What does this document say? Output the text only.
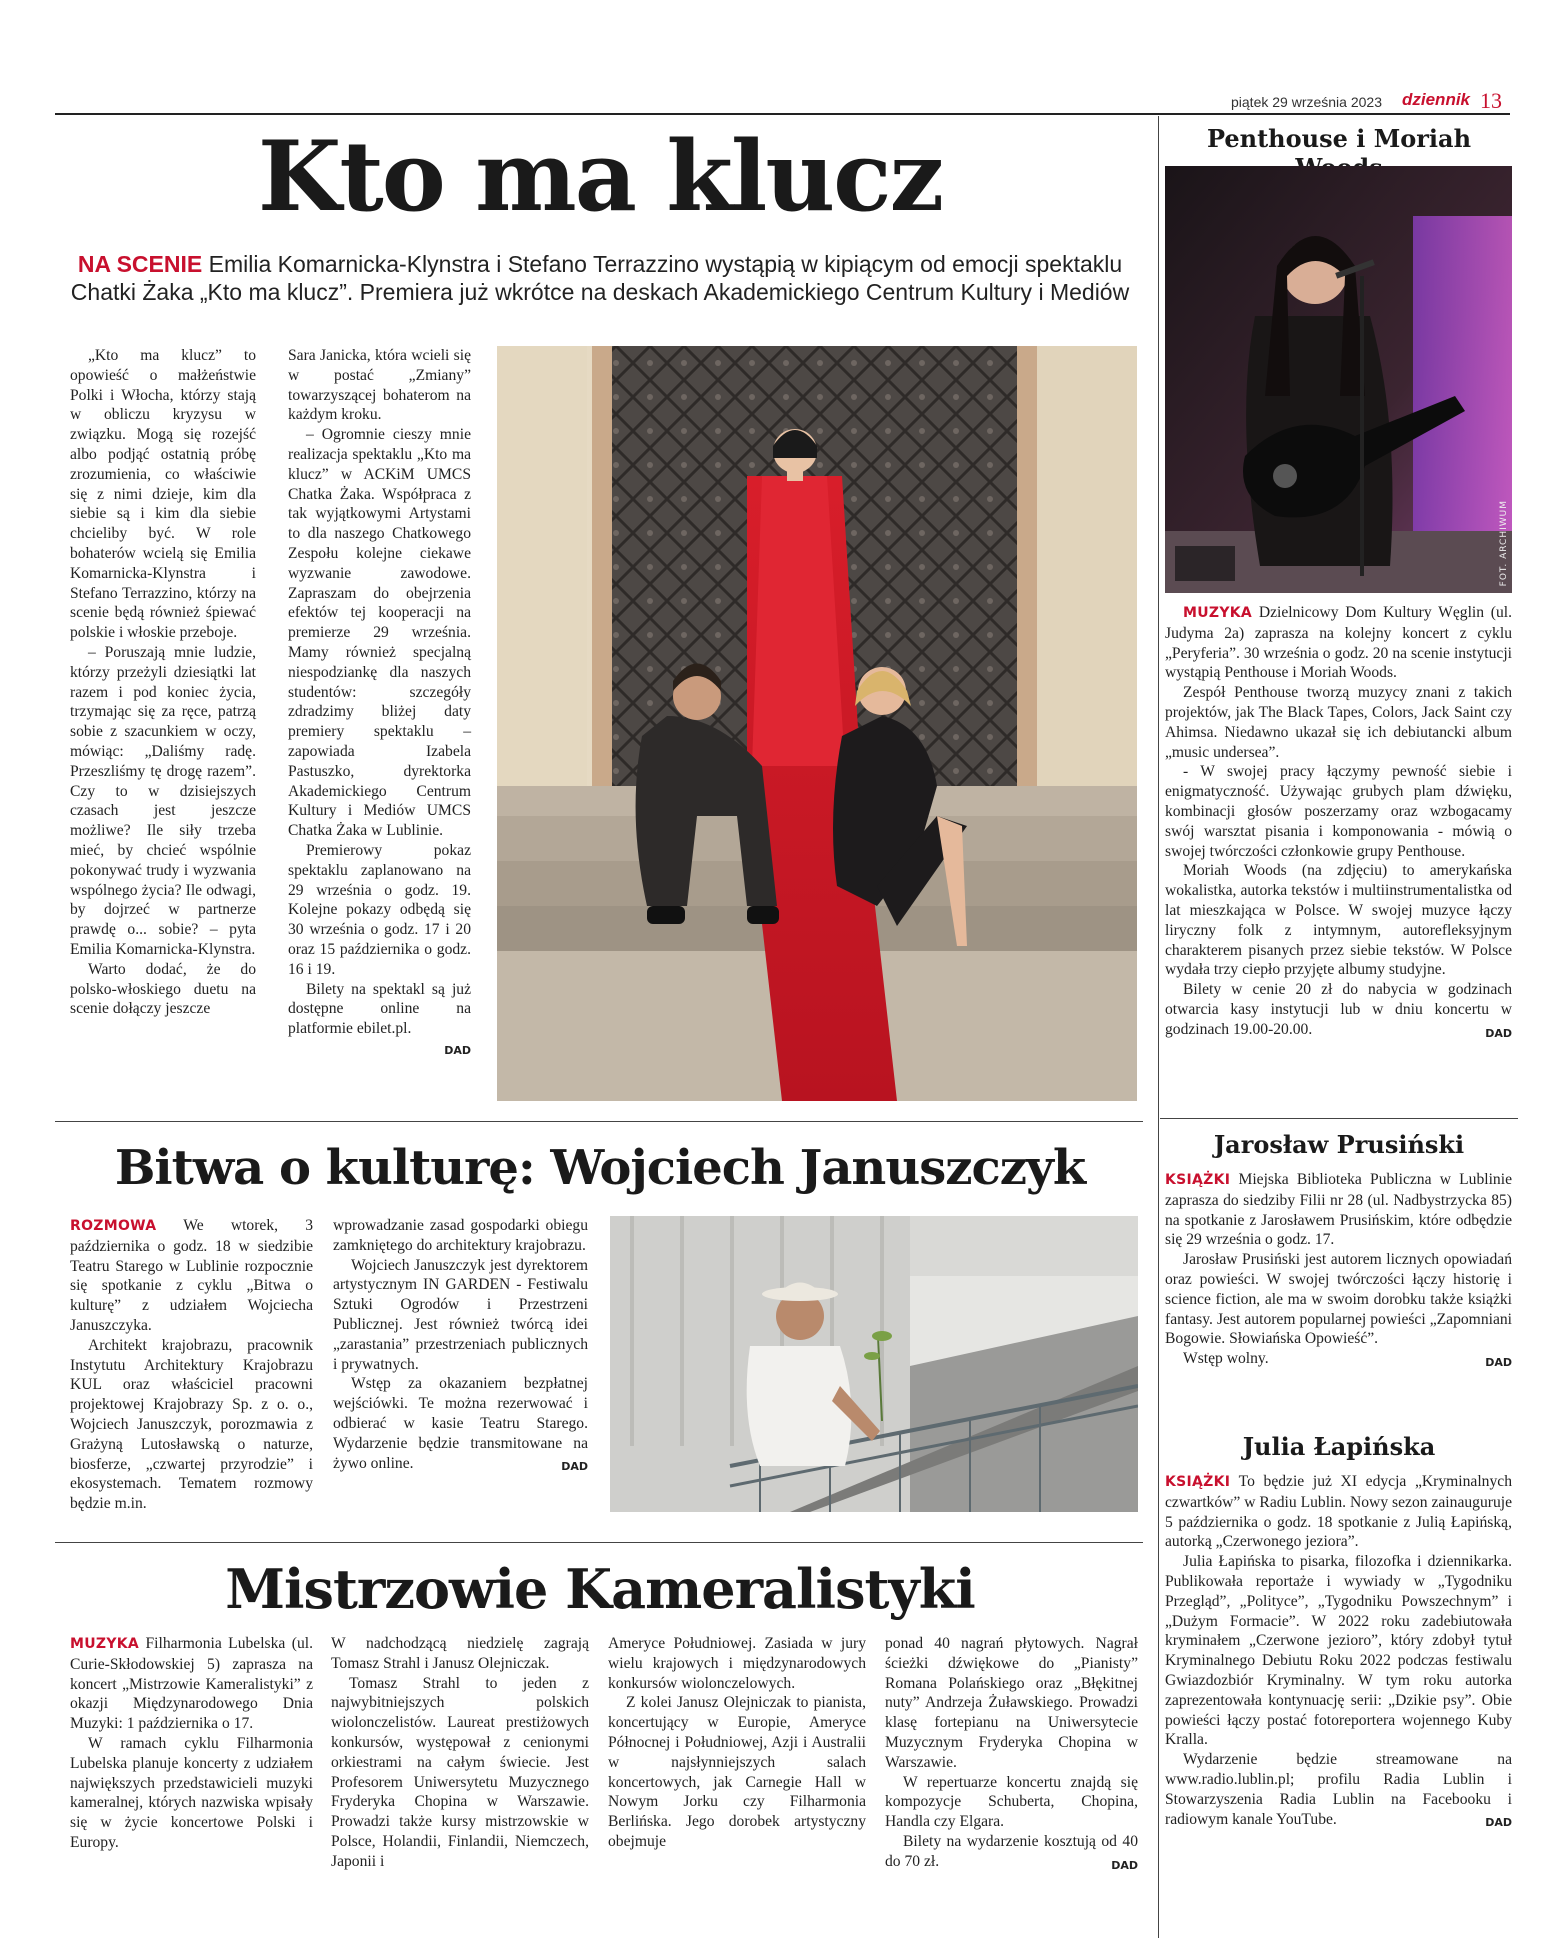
piątek 29 września 2023 dziennik 13
Kto ma klucz
NA SCENIE Emilia Komarnicka-Klynstra i Stefano Terrazzino wystąpią w kipiącym od emocji spektaklu Chatki Żaka „Kto ma klucz”. Premiera już wkrótce na deskach Akademickiego Centrum Kultury i Mediów

„Kto ma klucz” to opowieść o małżeństwie Polki i Włocha, którzy stają w obliczu kryzysu w związku. Mogą się rozejść albo podjąć ostatnią próbę zrozumienia, co właściwie się z nimi dzieje, kim dla siebie są i kim dla siebie chcieliby być. W role bohaterów wcielą się Emilia Komarnicka-Klynstra i Stefano Terrazzino, którzy na scenie będą również śpiewać polskie i włoskie przeboje.

– Poruszają mnie ludzie, którzy przeżyli dziesiątki lat razem i pod koniec życia, trzymając się za ręce, patrzą sobie z szacunkiem w oczy, mówiąc: „Daliśmy radę. Przeszliśmy tę drogę razem”. Czy to w dzisiejszych czasach jest jeszcze możliwe? Ile siły trzeba mieć, by chcieć wspólnie pokonywać trudy i wyzwania wspólnego życia? Ile odwagi, by dojrzeć w partnerze prawdę o... sobie? – pyta Emilia Komarnicka-Klynstra.

Warto dodać, że do polsko-włoskiego duetu na scenie dołączy jeszcze

Sara Janicka, która wcieli się w postać „Zmiany” towarzyszącej bohaterom na każdym kroku.

– Ogromnie cieszy mnie realizacja spektaklu „Kto ma klucz” w ACKiM UMCS Chatka Żaka. Współpraca z tak wyjątkowymi Artystami to dla naszego Chatkowego Zespołu kolejne ciekawe wyzwanie zawodowe. Zapraszam do obejrzenia efektów tej kooperacji na premierze 29 września. Mamy również specjalną niespodziankę dla naszych studentów: szczegóły zdradzimy bliżej daty premiery spektaklu – zapowiada Izabela Pastuszko, dyrektorka Akademickiego Centrum Kultury i Mediów UMCS Chatka Żaka w Lublinie.

Premierowy pokaz spektaklu zaplanowano na 29 września o godz. 19. Kolejne pokazy odbędą się 30 września o godz. 17 i 20 oraz 15 października o godz. 16 i 19.

Bilety na spektakl są już dostępne online na platformie ebilet.pl.

DAD
Penthouse i Moriah
FOT. ARCHIWUM

MUZYKA Dzielnicowy Dom Kultury Węglin (ul. Judyma 2a) zaprasza na kolejny koncert z cyklu „Peryferia”. 30 września o godz. 20 na scenie instytucji wystąpią Penthouse i Moriah Woods.

Zespół Penthouse tworzą muzycy znani z takich projektów, jak The Black Tapes, Colors, Jack Saint czy Ahimsa. Niedawno ukazał się ich debiutancki album „music undersea”.

- W swojej pracy łączymy pewność siebie i enigmatyczność. Używając grubych plam dźwięku, kombinacji głosów poszerzamy oraz wzbogacamy swój warsztat pisania i komponowania - mówią o swojej twórczości członkowie grupy Penthouse.

Moriah Woods (na zdjęciu) to amerykańska wokalistka, autorka tekstów i multiinstrumentalistka od lat mieszkająca w Polsce. W swojej muzyce łączy liryczny folk z intymnym, autorefleksyjnym charakterem pisanych przez siebie tekstów. W Polsce wydała trzy ciepło przyjęte albumy studyjne.

Bilety w cenie 20 zł do nabycia w godzinach otwarcia kasy instytucji lub w dniu koncertu w godzinach 19.00-20.00.	DAD
Jarosław Prusiński

KSIĄŻKI Miejska Biblioteka Publiczna w Lublinie zaprasza do siedziby Filii nr 28 (ul. Nadbystrzycka 85) na spotkanie z Jarosławem Prusińskim, które odbędzie się 29 września o godz. 17.

Jarosław Prusiński jest autorem licznych opowiadań oraz powieści. W swojej twórczości łączy historię i science fiction, ale ma w swoim dorobku także książki fantasy. Jest autorem popularnej powieści „Zapomniani Bogowie. Słowiańska Opowieść”.

Wstęp wolny.	DAD
Julia Łapińska

KSIĄŻKI To będzie już XI edycja „Kryminalnych czwartków” w Radiu Lublin. Nowy sezon zainauguruje 5 października o godz. 18 spotkanie z Julią Łapińską, autorką „Czerwonego jeziora”.

Julia Łapińska to pisarka, filozofka i dziennikarka. Publikowała reportaże i wywiady w „Tygodniku Przegląd”, „Polityce”, „Tygodniku Powszechnym” i „Dużym Formacie”. W 2022 roku zadebiutowała kryminałem „Czerwone jezioro”, który zdobył tytuł Kryminalnego Debiutu Roku 2022 podczas festiwalu Gwiazdozbiór Kryminalny. W tym roku autorka zaprezentowała kontynuację serii: „Dzikie psy”. Obie powieści łączy postać fotoreportera wojennego Kuby Kralla.

Wydarzenie będzie streamowane na www.radio.lublin.pl; profilu Radia Lublin i Stowarzyszenia Radia Lublin na Facebooku i radiowym kanale YouTube.	DAD
Bitwa o kulturę: Wojciech Januszczyk

ROZMOWA We wtorek, 3 października o godz. 18 w siedzibie Teatru Starego w Lublinie rozpocznie się spotkanie z cyklu „Bitwa o kulturę” z udziałem Wojciecha Januszczyka.

Architekt krajobrazu, pracownik Instytutu Architektury Krajobrazu KUL oraz właściciel pracowni projektowej Krajobrazy Sp. z o. o., Wojciech Januszczyk, porozmawia z Grażyną Lutosławską o naturze, biosferze, „czwartej przyrodzie” i ekosystemach. Tematem rozmowy będzie m.in.

wprowadzanie zasad gospodarki obiegu zamkniętego do architektury krajobrazu.

Wojciech Januszczyk jest dyrektorem artystycznym IN GARDEN - Festiwalu Sztuki Ogrodów i Przestrzeni Publicznej. Jest również twórcą idei „zarastania” przestrzeniach publicznych i prywatnych.

Wstęp za okazaniem bezpłatnej wejściówki. Te można rezerwować i odbierać w kasie Teatru Starego. Wydarzenie będzie transmitowane na żywo online.	DAD
Mistrzowie Kameralistyki

MUZYKA Filharmonia Lubelska (ul. Curie-Skłodowskiej 5) zaprasza na koncert „Mistrzowie Kameralistyki” z okazji Międzynarodowego Dnia Muzyki: 1 października o 17.

W ramach cyklu Filharmonia Lubelska planuje koncerty z udziałem największych przedstawicieli muzyki kameralnej, których nazwiska wpisały się w życie koncertowe Polski i Europy.

W nadchodzącą niedzielę zagrają Tomasz Strahl i Janusz Olejniczak.

Tomasz Strahl to jeden z najwybitniejszych polskich wiolonczelistów. Laureat prestiżowych konkursów, występował z cenionymi orkiestrami na całym świecie. Jest Profesorem Uniwersytetu Muzycznego Fryderyka Chopina w Warszawie. Prowadzi także kursy mistrzowskie w Polsce, Holandii, Finlandii, Niemczech, Japonii i

Ameryce Południowej. Zasiada w jury wielu krajowych i międzynarodowych konkursów wiolonczelowych.

Z kolei Janusz Olejniczak to pianista, koncertujący w Europie, Ameryce Północnej i Południowej, Azji i Australii w najsłynniejszych salach koncertowych, jak Carnegie Hall w Nowym Jorku czy Filharmonia Berlińska. Jego dorobek artystyczny obejmuje

ponad 40 nagrań płytowych. Nagrał ścieżki dźwiękowe do „Pianisty” Romana Polańskiego oraz „Błękitnej nuty” Andrzeja Żuławskiego. Prowadzi klasę fortepianu na Uniwersytecie Muzycznym Fryderyka Chopina w Warszawie.

W repertuarze koncertu znajdą się kompozycje Schuberta, Chopina, Handla czy Elgara.

Bilety na wydarzenie kosztują od 40 do 70 zł.	DAD
